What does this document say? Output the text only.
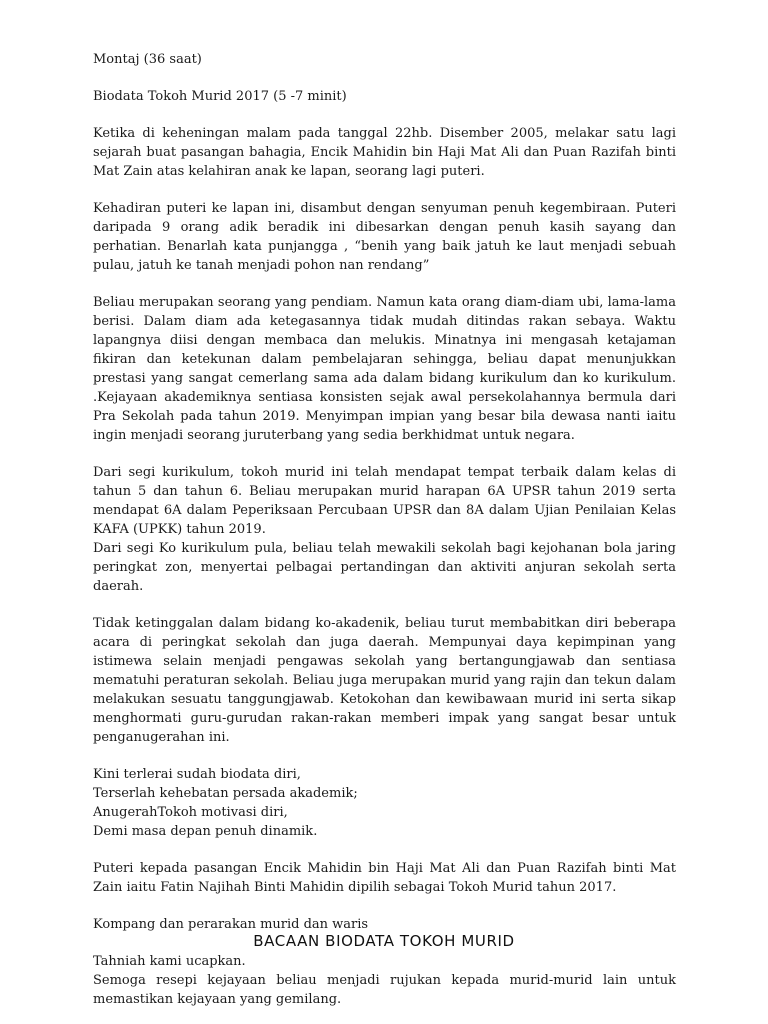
Montaj (36 saat)

Biodata Tokoh Murid 2017 (5 -7 minit)

Ketika di keheningan malam pada tanggal 22hb. Disember 2005, melakar satu lagi sejarah buat pasangan bahagia, Encik Mahidin bin Haji Mat Ali dan Puan Razifah binti Mat Zain atas kelahiran anak ke lapan, seorang lagi puteri.

Kehadiran puteri ke lapan ini, disambut dengan senyuman penuh kegembiraan. Puteri daripada 9 orang adik beradik ini dibesarkan dengan penuh kasih sayang dan perhatian. Benarlah kata punjangga , “benih yang baik jatuh ke laut menjadi sebuah pulau, jatuh ke tanah menjadi pohon nan rendang”

Beliau merupakan seorang yang pendiam. Namun kata orang diam-diam ubi, lama-lama berisi. Dalam diam ada ketegasannya tidak mudah ditindas rakan sebaya. Waktu lapangnya diisi dengan membaca dan melukis. Minatnya ini mengasah ketajaman fikiran dan ketekunan dalam pembelajaran sehingga, beliau dapat menunjukkan prestasi yang sangat cemerlang sama ada dalam bidang kurikulum dan ko kurikulum. .Kejayaan akademiknya sentiasa konsisten sejak awal persekolahannya bermula dari Pra Sekolah pada tahun 2019. Menyimpan impian yang besar bila dewasa nanti iaitu ingin menjadi seorang juruterbang yang sedia berkhidmat untuk negara.

Dari segi kurikulum, tokoh murid ini telah mendapat tempat terbaik dalam kelas di tahun 5 dan tahun 6. Beliau merupakan murid harapan 6A UPSR tahun 2019 serta mendapat 6A dalam Peperiksaan Percubaan UPSR dan 8A dalam Ujian Penilaian Kelas KAFA (UPKK) tahun 2019.

Dari segi Ko kurikulum pula, beliau telah mewakili sekolah bagi kejohanan bola jaring peringkat zon, menyertai pelbagai pertandingan dan aktiviti anjuran sekolah serta daerah.

Tidak ketinggalan dalam bidang ko-akadenik, beliau turut membabitkan diri beberapa acara di peringkat sekolah dan juga daerah. Mempunyai daya kepimpinan yang istimewa selain menjadi pengawas sekolah yang bertangungjawab dan sentiasa mematuhi peraturan sekolah. Beliau juga merupakan murid yang rajin dan tekun dalam melakukan sesuatu tanggungjawab. Ketokohan dan kewibawaan murid ini serta sikap menghormati guru-gurudan rakan-rakan memberi impak yang sangat besar untuk penganugerahan ini.

Kini terlerai sudah biodata diri,

Terserlah kehebatan persada akademik;

AnugerahTokoh motivasi diri,

Demi masa depan penuh dinamik.

Puteri kepada pasangan Encik Mahidin bin Haji Mat Ali dan Puan Razifah binti Mat Zain iaitu Fatin Najihah Binti Mahidin dipilih sebagai Tokoh Murid tahun 2017.

Kompang dan perarakan murid dan waris

Tahniah kami ucapkan.

Semoga resepi kejayaan beliau menjadi rujukan kepada murid-murid lain untuk memastikan kejayaan yang gemilang.

BACAAN BIODATA TOKOH MURID
